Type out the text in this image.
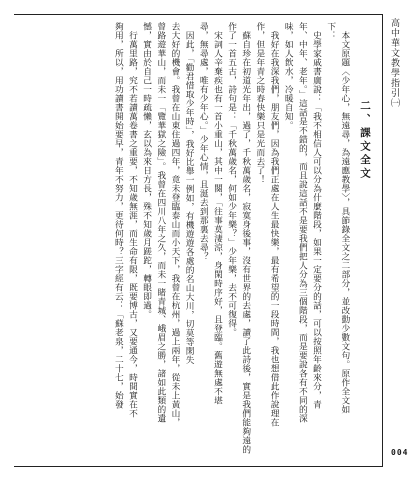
高中華文教學指引㈠
004
二、課文全文
本文原題〈少年心，無遠尋，為遠應教學〉，具節錄全文之二部分，並改動少數文句。原作全文如
下：
　史學家戚書廣說：「我不相信人可以分為什麼階段，如果一定要分的話，可以按照年齡來分，青
年、中年、老年。」這話是不錯的，而且說這話不是要我們把人分為三個階段，而是要說各有不同的深
味，如人飲水，冷暖自知。
我好在我深我們，朋友們，因為我們正處在人生最快樂，最有希望的一段時間，我也想借此作說理在
作，但是年青之時春快樂只是光而去了！
蘇自珍在初道光年出，過了，千秋萬歲名，寂寞身後事，沒有世界的去處，讀了此詩後，實是我們能夠遠的
作了一首五古，詩句是：「千秋萬歲名，何如少年樂？」少年樂，去不可復得。
宋詞人辛棄疾也有一首小重山，其中一闋，「往事莫淒涼，身閑時序好，且登臨。舊遊無處不堪
尋，無尋處，唯有少年心。」少年心情，且涎去到那裏去尋？
因此，「勸君惜取少年時」，我好比舉一例如，有機遊遊各處的名山大川，切莫等閑失
去大好的機會。我曾在山東住過四年，竟未登臨泰山而小天下，我曾在杭州，過上兩年，從未上黃山，
曾路遊華山，而未一「覽華獄之險」。我曾在四川八年之久，而未一睹青城、峨眉之勝，諸如此類的遺
憾，實由於自己一時疏懶，玄以為來日方長，殊不知歲月蹉跎，轉眼即過。
行萬里路，究不若讀萬卷書之重要，不知歲無涯，而生命有限，既要博古，又要通今，時間實在不
夠用，所以，用功讀書開始要早，青年不努力，更待何時？三字經有云：「蘇老泉，二十七，始發
